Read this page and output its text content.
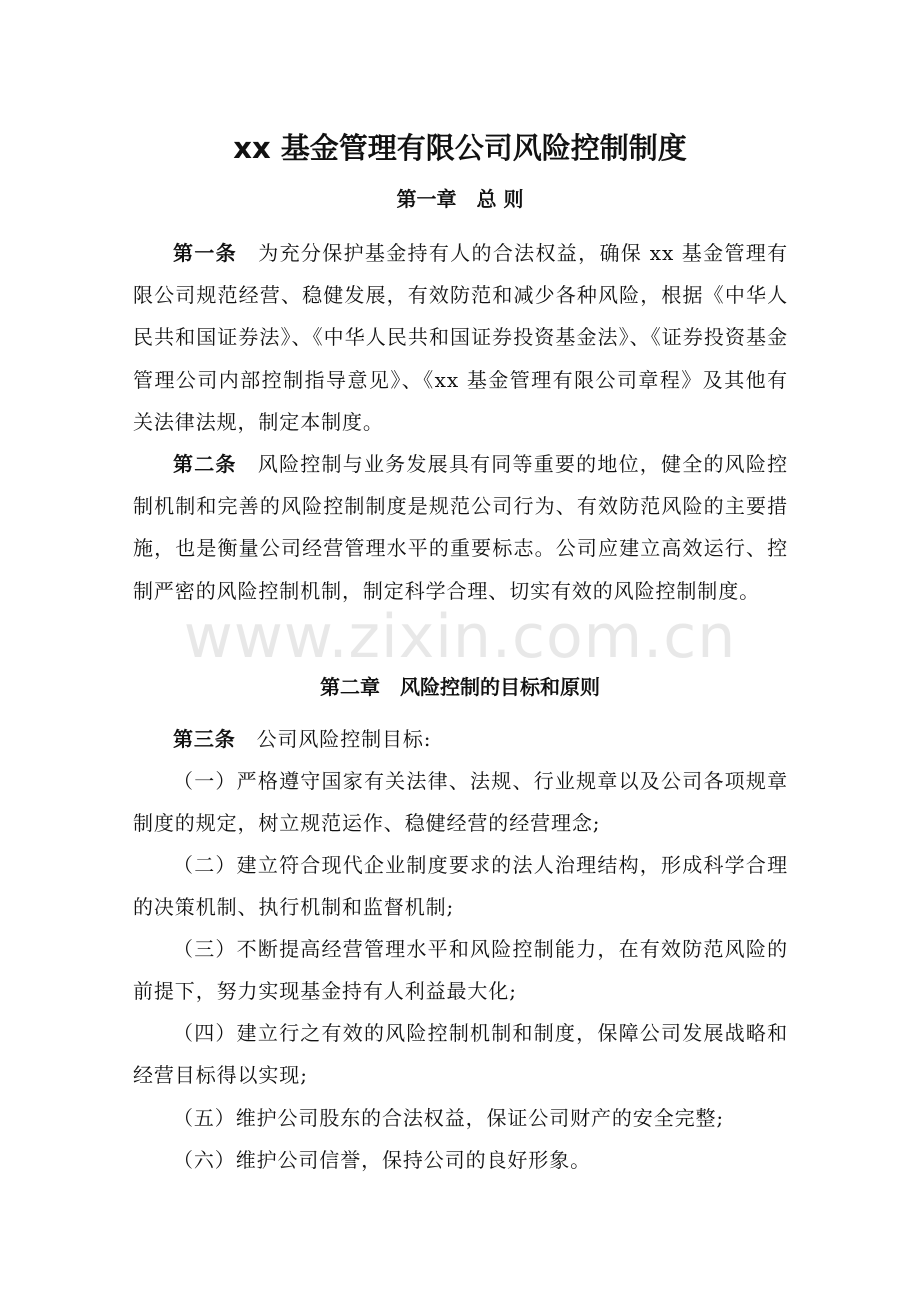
xx 基金管理有限公司风险控制制度
第一章　总 则
第一条　为充分保护基金持有人的合法权益，确保 xx 基金管理有限公司规范经营、稳健发展，有效防范和减少各种风险，根据《中华人民共和国证券法》、《中华人民共和国证券投资基金法》、《证券投资基金管理公司内部控制指导意见》、《xx 基金管理有限公司章程》及其他有关法律法规，制定本制度。
第二条　风险控制与业务发展具有同等重要的地位，健全的风险控制机制和完善的风险控制制度是规范公司行为、有效防范风险的主要措施，也是衡量公司经营管理水平的重要标志。公司应建立高效运行、控制严密的风险控制机制，制定科学合理、切实有效的风险控制制度。
第二章　风险控制的目标和原则
第三条　公司风险控制目标:
（一）严格遵守国家有关法律、法规、行业规章以及公司各项规章制度的规定，树立规范运作、稳健经营的经营理念;
（二）建立符合现代企业制度要求的法人治理结构，形成科学合理的决策机制、执行机制和监督机制;
（三）不断提高经营管理水平和风险控制能力，在有效防范风险的前提下，努力实现基金持有人利益最大化;
（四）建立行之有效的风险控制机制和制度，保障公司发展战略和经营目标得以实现;
（五）维护公司股东的合法权益，保证公司财产的安全完整;
（六）维护公司信誉，保持公司的良好形象。
www.zixin.com.cn
